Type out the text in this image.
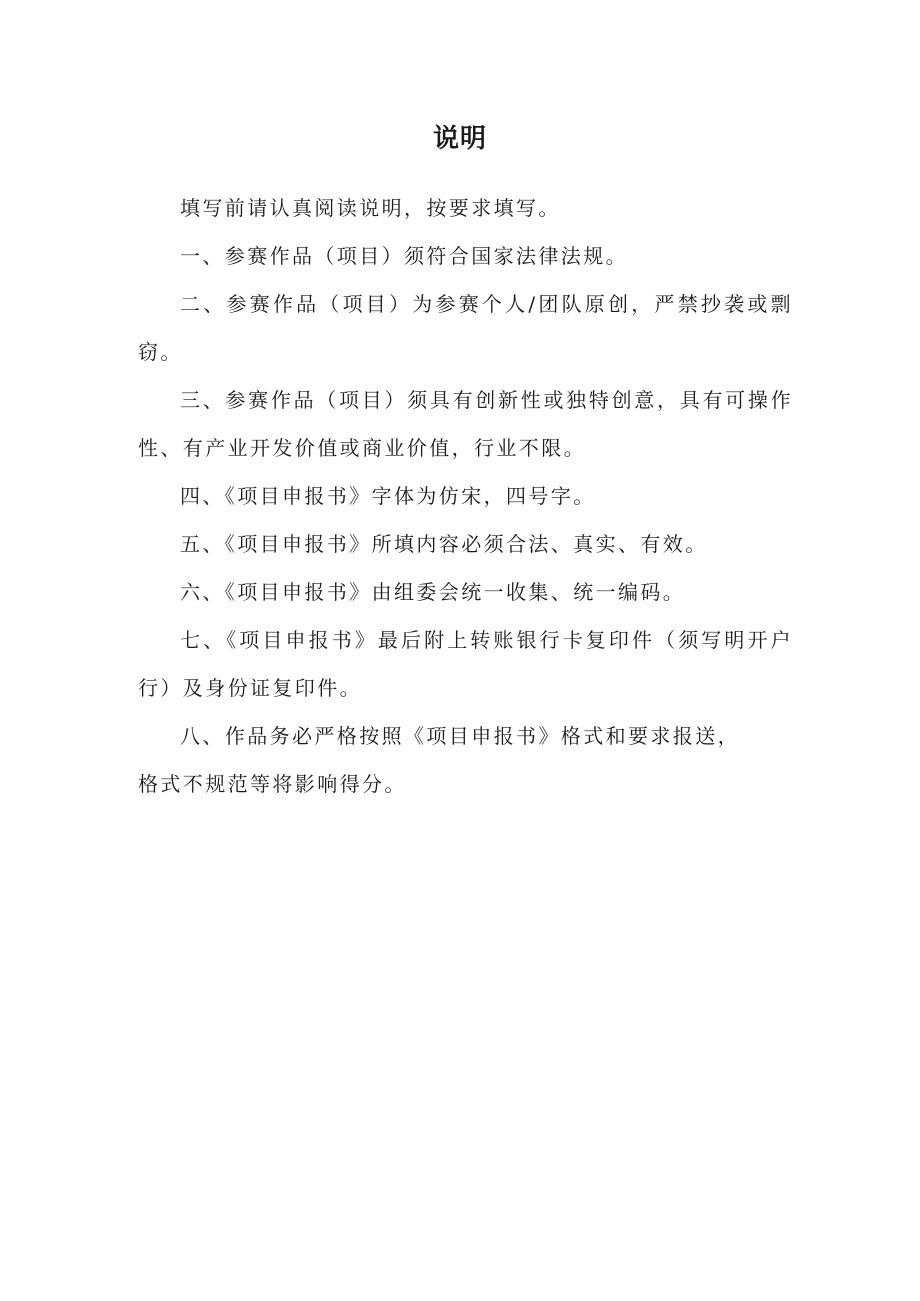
说明

填写前请认真阅读说明，按要求填写。

一、参赛作品（项目）须符合国家法律法规。

二、参赛作品（项目）为参赛个人/团队原创，严禁抄袭或剽窃。

三、参赛作品（项目）须具有创新性或独特创意，具有可操作性、有产业开发价值或商业价值，行业不限。

四、《项目申报书》字体为仿宋，四号字。

五、《项目申报书》所填内容必须合法、真实、有效。

六、《项目申报书》由组委会统一收集、统一编码。

七、《项目申报书》最后附上转账银行卡复印件（须写明开户行）及身份证复印件。

八、作品务必严格按照《项目申报书》格式和要求报送，

格式不规范等将影响得分。
